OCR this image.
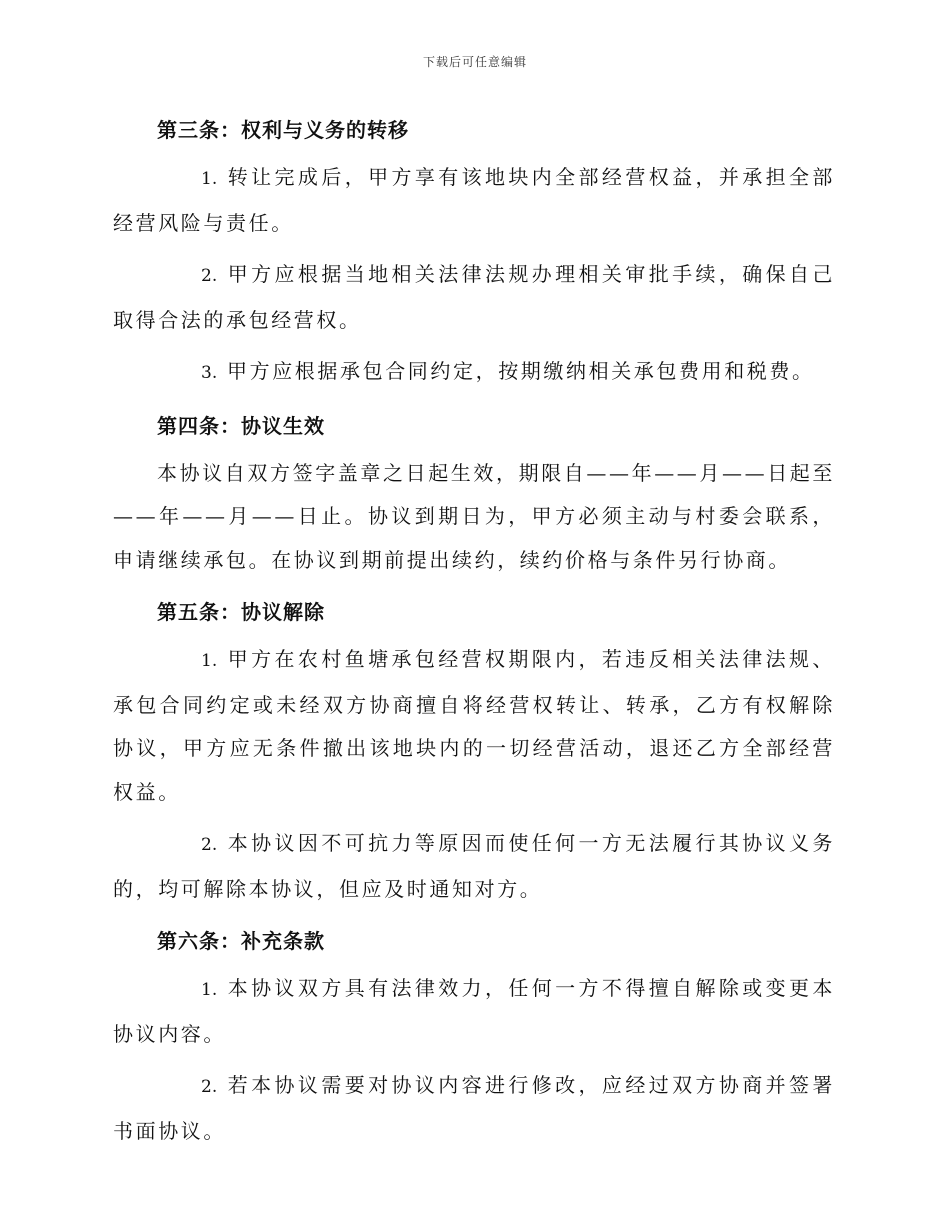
下载后可任意编辑
第三条：权利与义务的转移

1. 转让完成后，甲方享有该地块内全部经营权益，并承担全部经营风险与责任。

2. 甲方应根据当地相关法律法规办理相关审批手续，确保自己取得合法的承包经营权。

3. 甲方应根据承包合同约定，按期缴纳相关承包费用和税费。

第四条：协议生效

本协议自双方签字盖章之日起生效，期限自——年——月——日起至——年——月——日止。协议到期日为，甲方必须主动与村委会联系，申请继续承包。在协议到期前提出续约，续约价格与条件另行协商。

第五条：协议解除

1. 甲方在农村鱼塘承包经营权期限内，若违反相关法律法规、承包合同约定或未经双方协商擅自将经营权转让、转承，乙方有权解除协议，甲方应无条件撤出该地块内的一切经营活动，退还乙方全部经营权益。

2. 本协议因不可抗力等原因而使任何一方无法履行其协议义务的，均可解除本协议，但应及时通知对方。

第六条：补充条款

1. 本协议双方具有法律效力，任何一方不得擅自解除或变更本协议内容。

2. 若本协议需要对协议内容进行修改，应经过双方协商并签署书面协议。
